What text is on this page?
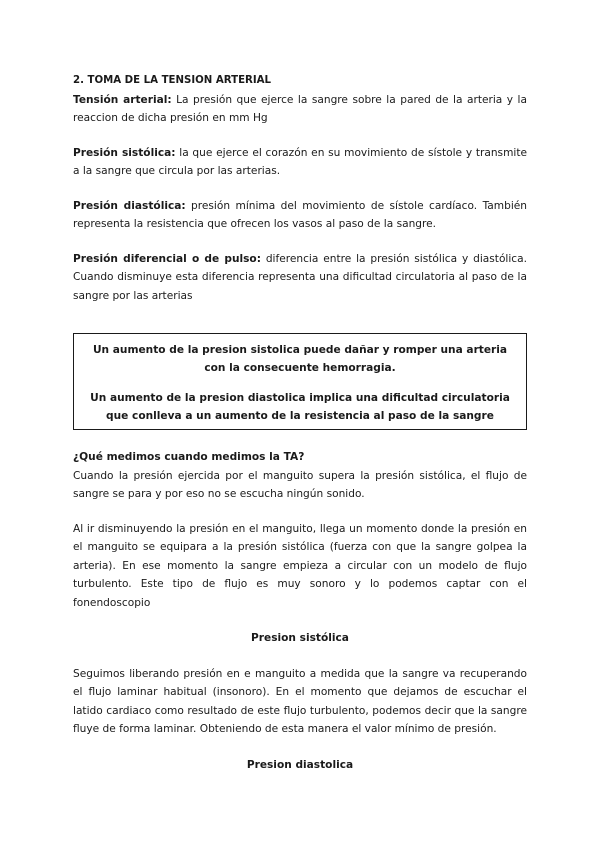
2. TOMA DE LA TENSION ARTERIAL

Tensión arterial: La presión que ejerce la sangre sobre la pared de la arteria y la reaccion de dicha presión en mm Hg

Presión sistólica: la que ejerce el corazón en su movimiento de sístole y transmite a la sangre que circula por las arterias.

Presión diastólica: presión mínima del movimiento de sístole cardíaco. También representa la resistencia que ofrecen los vasos al paso de la sangre.

Presión diferencial o de pulso: diferencia entre la presión sistólica y diastólica. Cuando disminuye esta diferencia representa una dificultad circulatoria al paso de la sangre por las arterias

Un aumento de la presion sistolica puede dañar y romper una arteria con la consecuente hemorragia.

Un aumento de la presion diastolica implica una dificultad circulatoria que conlleva a un aumento de la resistencia al paso de la sangre

¿Qué medimos cuando medimos la TA?

Cuando la presión ejercida por el manguito supera la presión sistólica, el flujo de sangre se para y por eso no se escucha ningún sonido.

Al ir disminuyendo la presión en el manguito, llega un momento donde la presión en el manguito se equipara a la presión sistólica (fuerza con que la sangre golpea la arteria). En ese momento la sangre empieza a circular con un modelo de flujo turbulento. Este tipo de flujo es muy sonoro y lo podemos captar con el fonendoscopio

Presion sistólica

Seguimos liberando presión en e manguito a medida que la sangre va recuperando el flujo laminar habitual (insonoro). En el momento que dejamos de escuchar el latido cardiaco como resultado de este flujo turbulento, podemos decir que la sangre fluye de forma laminar. Obteniendo de esta manera el valor mínimo de presión.

Presion diastolica
